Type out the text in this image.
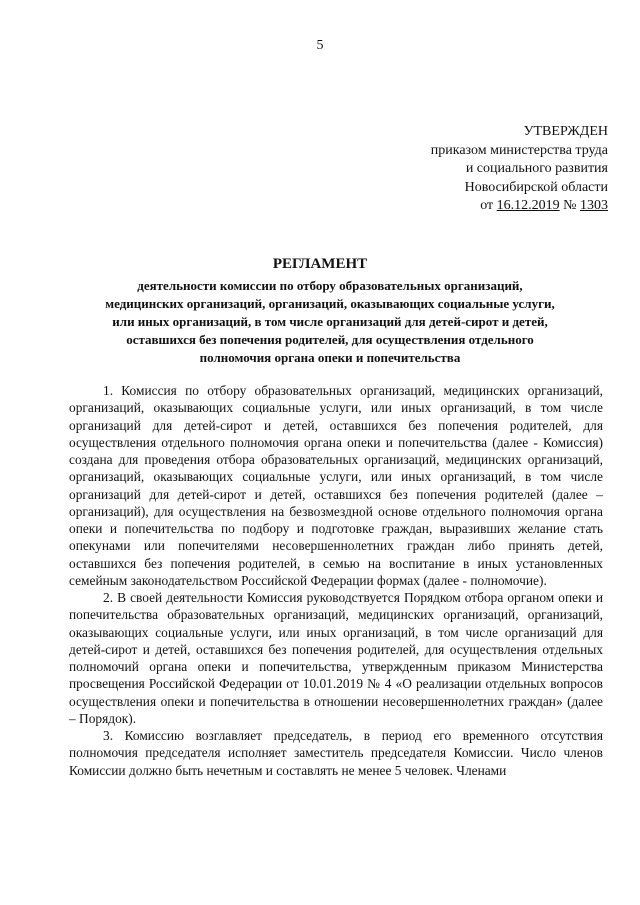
5
УТВЕРЖДЕН
приказом министерства труда
и социального развития
Новосибирской области
от 16.12.2019 № 1303
РЕГЛАМЕНТ
деятельности комиссии по отбору образовательных организаций,
медицинских организаций, организаций, оказывающих социальные услуги,
или иных организаций, в том числе организаций для детей-сирот и детей,
оставшихся без попечения родителей, для осуществления отдельного
полномочия органа опеки и попечительства

1. Комиссия по отбору образовательных организаций, медицинских организаций, организаций, оказывающих социальные услуги, или иных организаций, в том числе организаций для детей-сирот и детей, оставшихся без попечения родителей, для осуществления отдельного полномочия органа опеки и попечительства (далее - Комиссия) создана для проведения отбора образовательных организаций, медицинских организаций, организаций, оказывающих социальные услуги, или иных организаций, в том числе организаций для детей-сирот и детей, оставшихся без попечения родителей (далее – организаций), для осуществления на безвозмездной основе отдельного полномочия органа опеки и попечительства по подбору и подготовке граждан, выразивших желание стать опекунами или попечителями несовершеннолетних граждан либо принять детей, оставшихся без попечения родителей, в семью на воспитание в иных установленных семейным законодательством Российской Федерации формах (далее - полномочие).

2. В своей деятельности Комиссия руководствуется Порядком отбора органом опеки и попечительства образовательных организаций, медицинских организаций, организаций, оказывающих социальные услуги, или иных организаций, в том числе организаций для детей-сирот и детей, оставшихся без попечения родителей, для осуществления отдельных полномочий органа опеки и попечительства, утвержденным приказом Министерства просвещения Российской Федерации от 10.01.2019 № 4 «О реализации отдельных вопросов осуществления опеки и попечительства в отношении несовершеннолетних граждан» (далее – Порядок).

3. Комиссию возглавляет председатель, в период его временного отсутствия полномочия председателя исполняет заместитель председателя Комиссии. Число членов Комиссии должно быть нечетным и составлять не менее 5 человек. Членами
